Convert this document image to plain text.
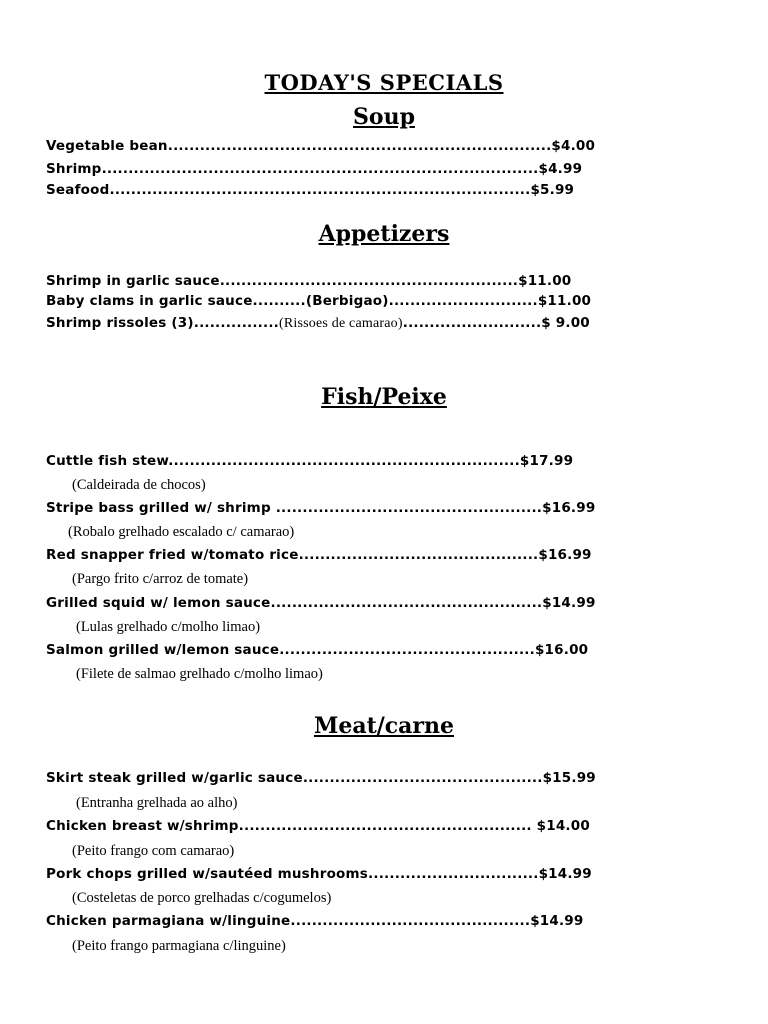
TODAY'S SPECIALS
Soup
Vegetable bean........................................................................$4.00
Shrimp..................................................................................$4.99
Seafood...............................................................................$5.99
Appetizers
Shrimp in garlic sauce........................................................$11.00
Baby clams in garlic sauce..........(Berbigao)............................$11.00
Shrimp rissoles (3)................(Rissoes de camarao)..........................$ 9.00
Fish/Peixe
Cuttle fish stew..................................................................$17.99
(Caldeirada de chocos)
Stripe bass grilled w/ shrimp ..................................................$16.99
(Robalo grelhado escalado c/ camarao)
Red snapper fried w/tomato rice.............................................$16.99
(Pargo frito c/arroz de tomate)
Grilled squid w/ lemon sauce...................................................$14.99
(Lulas grelhado c/molho limao)
Salmon grilled w/lemon sauce................................................$16.00
(Filete de salmao grelhado c/molho limao)
Meat/carne
Skirt steak grilled w/garlic sauce.............................................$15.99
(Entranha grelhada ao alho)
Chicken breast w/shrimp....................................................... $14.00
(Peito frango com camarao)
Pork chops grilled w/sautéed mushrooms................................$14.99
(Costeletas de porco grelhadas c/cogumelos)
Chicken parmagiana w/linguine.............................................$14.99
(Peito frango parmagiana c/linguine)
